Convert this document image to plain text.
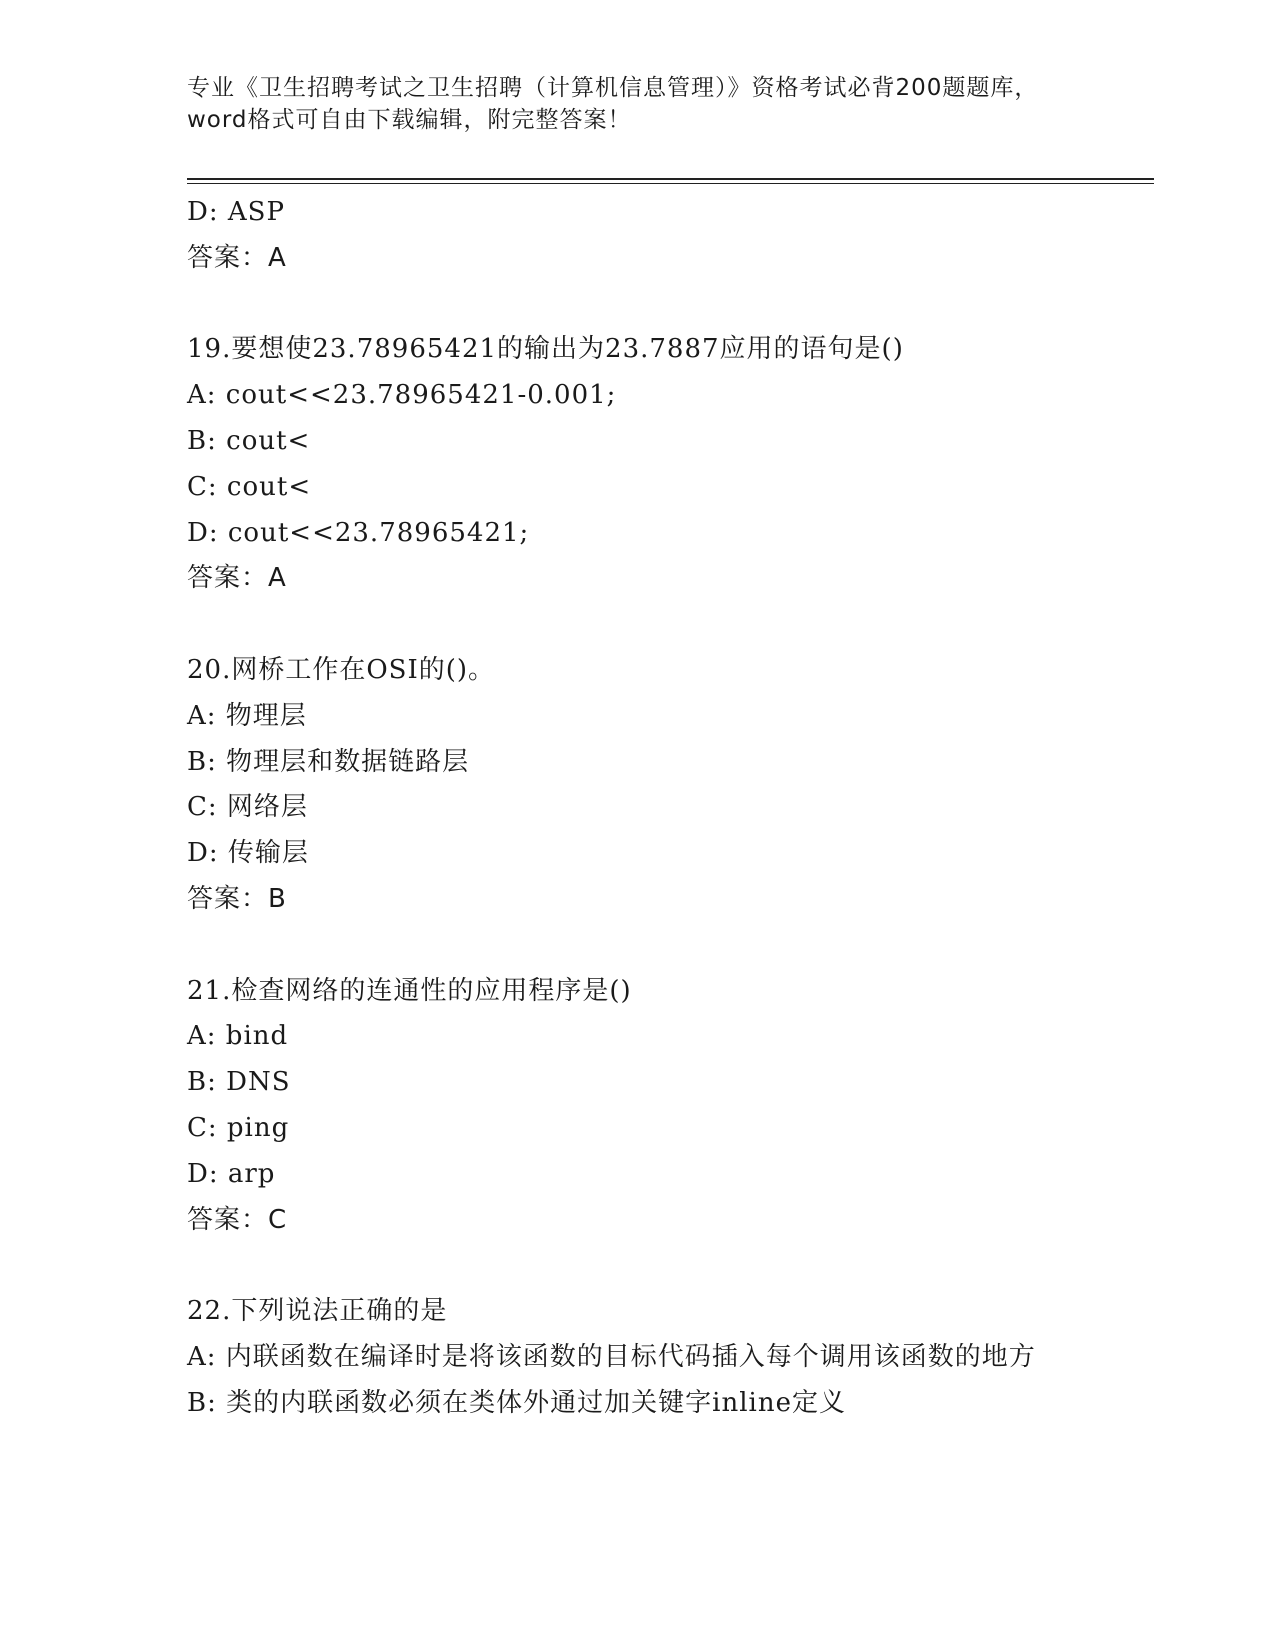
专业《卫生招聘考试之卫生招聘（计算机信息管理）》资格考试必背200题题库，
word格式可自由下载编辑，附完整答案！
D: ASP
答案：A
19.要想使23.78965421的输出为23.7887应用的语句是()
A: cout<<23.78965421-0.001;
B: cout<
C: cout<
D: cout<<23.78965421;
答案：A
20.网桥工作在OSI的()。
A: 物理层
B: 物理层和数据链路层
C: 网络层
D: 传输层
答案：B
21.检查网络的连通性的应用程序是()
A: bind
B: DNS
C: ping
D: arp
答案：C
22.下列说法正确的是
A: 内联函数在编译时是将该函数的目标代码插入每个调用该函数的地方
B: 类的内联函数必须在类体外通过加关键字inline定义
